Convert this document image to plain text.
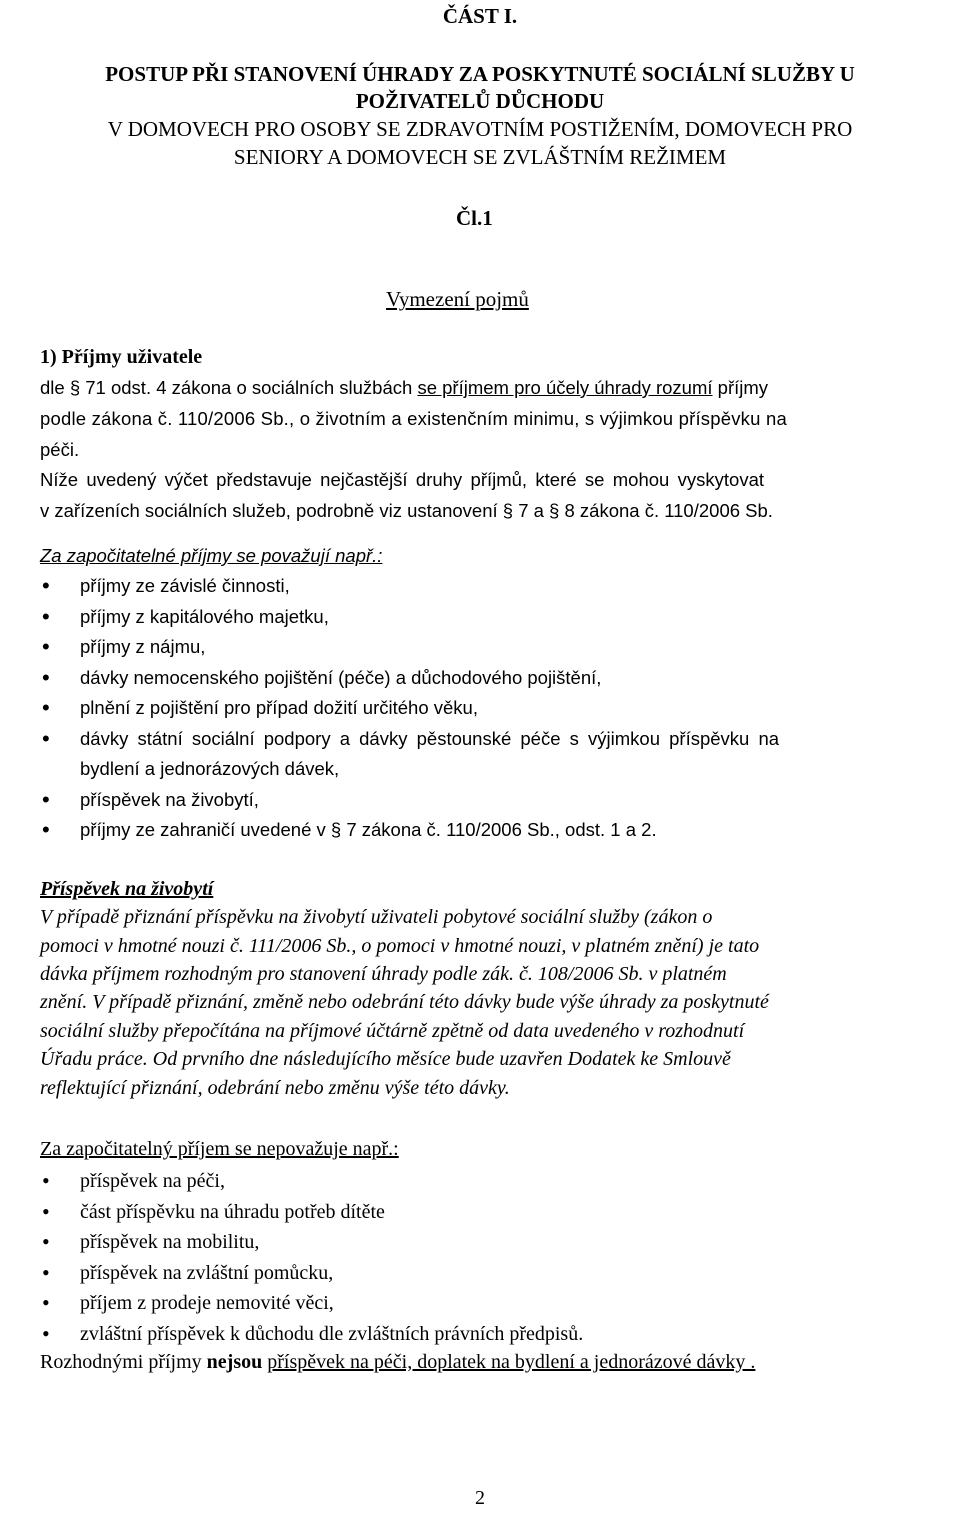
ČÁST I.
POSTUP PŘI STANOVENÍ ÚHRADY ZA POSKYTNUTÉ SOCIÁLNÍ SLUŽBY U
POŽIVATELŮ DŮCHODU
V DOMOVECH PRO OSOBY SE ZDRAVOTNÍM POSTIŽENÍM, DOMOVECH PRO
SENIORY A DOMOVECH SE ZVLÁŠTNÍM REŽIMEM
Čl.1
Vymezení pojmů
1) Příjmy uživatele
dle § 71 odst. 4 zákona o sociálních službách se příjmem pro účely úhrady rozumí příjmy
podle zákona č. 110/2006 Sb., o životním a existenčním minimu, s výjimkou příspěvku na
péči.
Níže uvedený výčet představuje nejčastější druhy příjmů, které se mohou vyskytovat
v zařízeních sociálních služeb, podrobně viz ustanovení § 7 a § 8 zákona č. 110/2006 Sb.
Za započitatelné příjmy se považují např.:
• příjmy ze závislé činnosti,
• příjmy z kapitálového majetku,
• příjmy z nájmu,
• dávky nemocenského pojištění (péče) a důchodového pojištění,
• plnění z pojištění pro případ dožití určitého věku,
• dávky státní sociální podpory a dávky pěstounské péče s výjimkou příspěvku na
bydlení a jednorázových dávek,
• příspěvek na živobytí,
• příjmy ze zahraničí uvedené v § 7 zákona č. 110/2006 Sb., odst. 1 a 2.
Příspěvek na živobytí
V případě přiznání příspěvku na živobytí uživateli pobytové sociální služby (zákon o
pomoci v hmotné nouzi č. 111/2006 Sb., o pomoci v hmotné nouzi, v platném znění) je tato
dávka příjmem rozhodným pro stanovení úhrady podle zák. č. 108/2006 Sb. v platném
znění. V případě přiznání, změně nebo odebrání této dávky bude výše úhrady za poskytnuté
sociální služby přepočítána na příjmové účtárně zpětně od data uvedeného v rozhodnutí
Úřadu práce. Od prvního dne následujícího měsíce bude uzavřen Dodatek ke Smlouvě
reflektující přiznání, odebrání nebo změnu výše této dávky.
Za započitatelný příjem se nepovažuje např.:
• příspěvek na péči,
• část příspěvku na úhradu potřeb dítěte
• příspěvek na mobilitu,
• příspěvek na zvláštní pomůcku,
• příjem z prodeje nemovité věci,
• zvláštní příspěvek k důchodu dle zvláštních právních předpisů.
Rozhodnými příjmy nejsou příspěvek na péči, doplatek na bydlení a jednorázové dávky .
2
